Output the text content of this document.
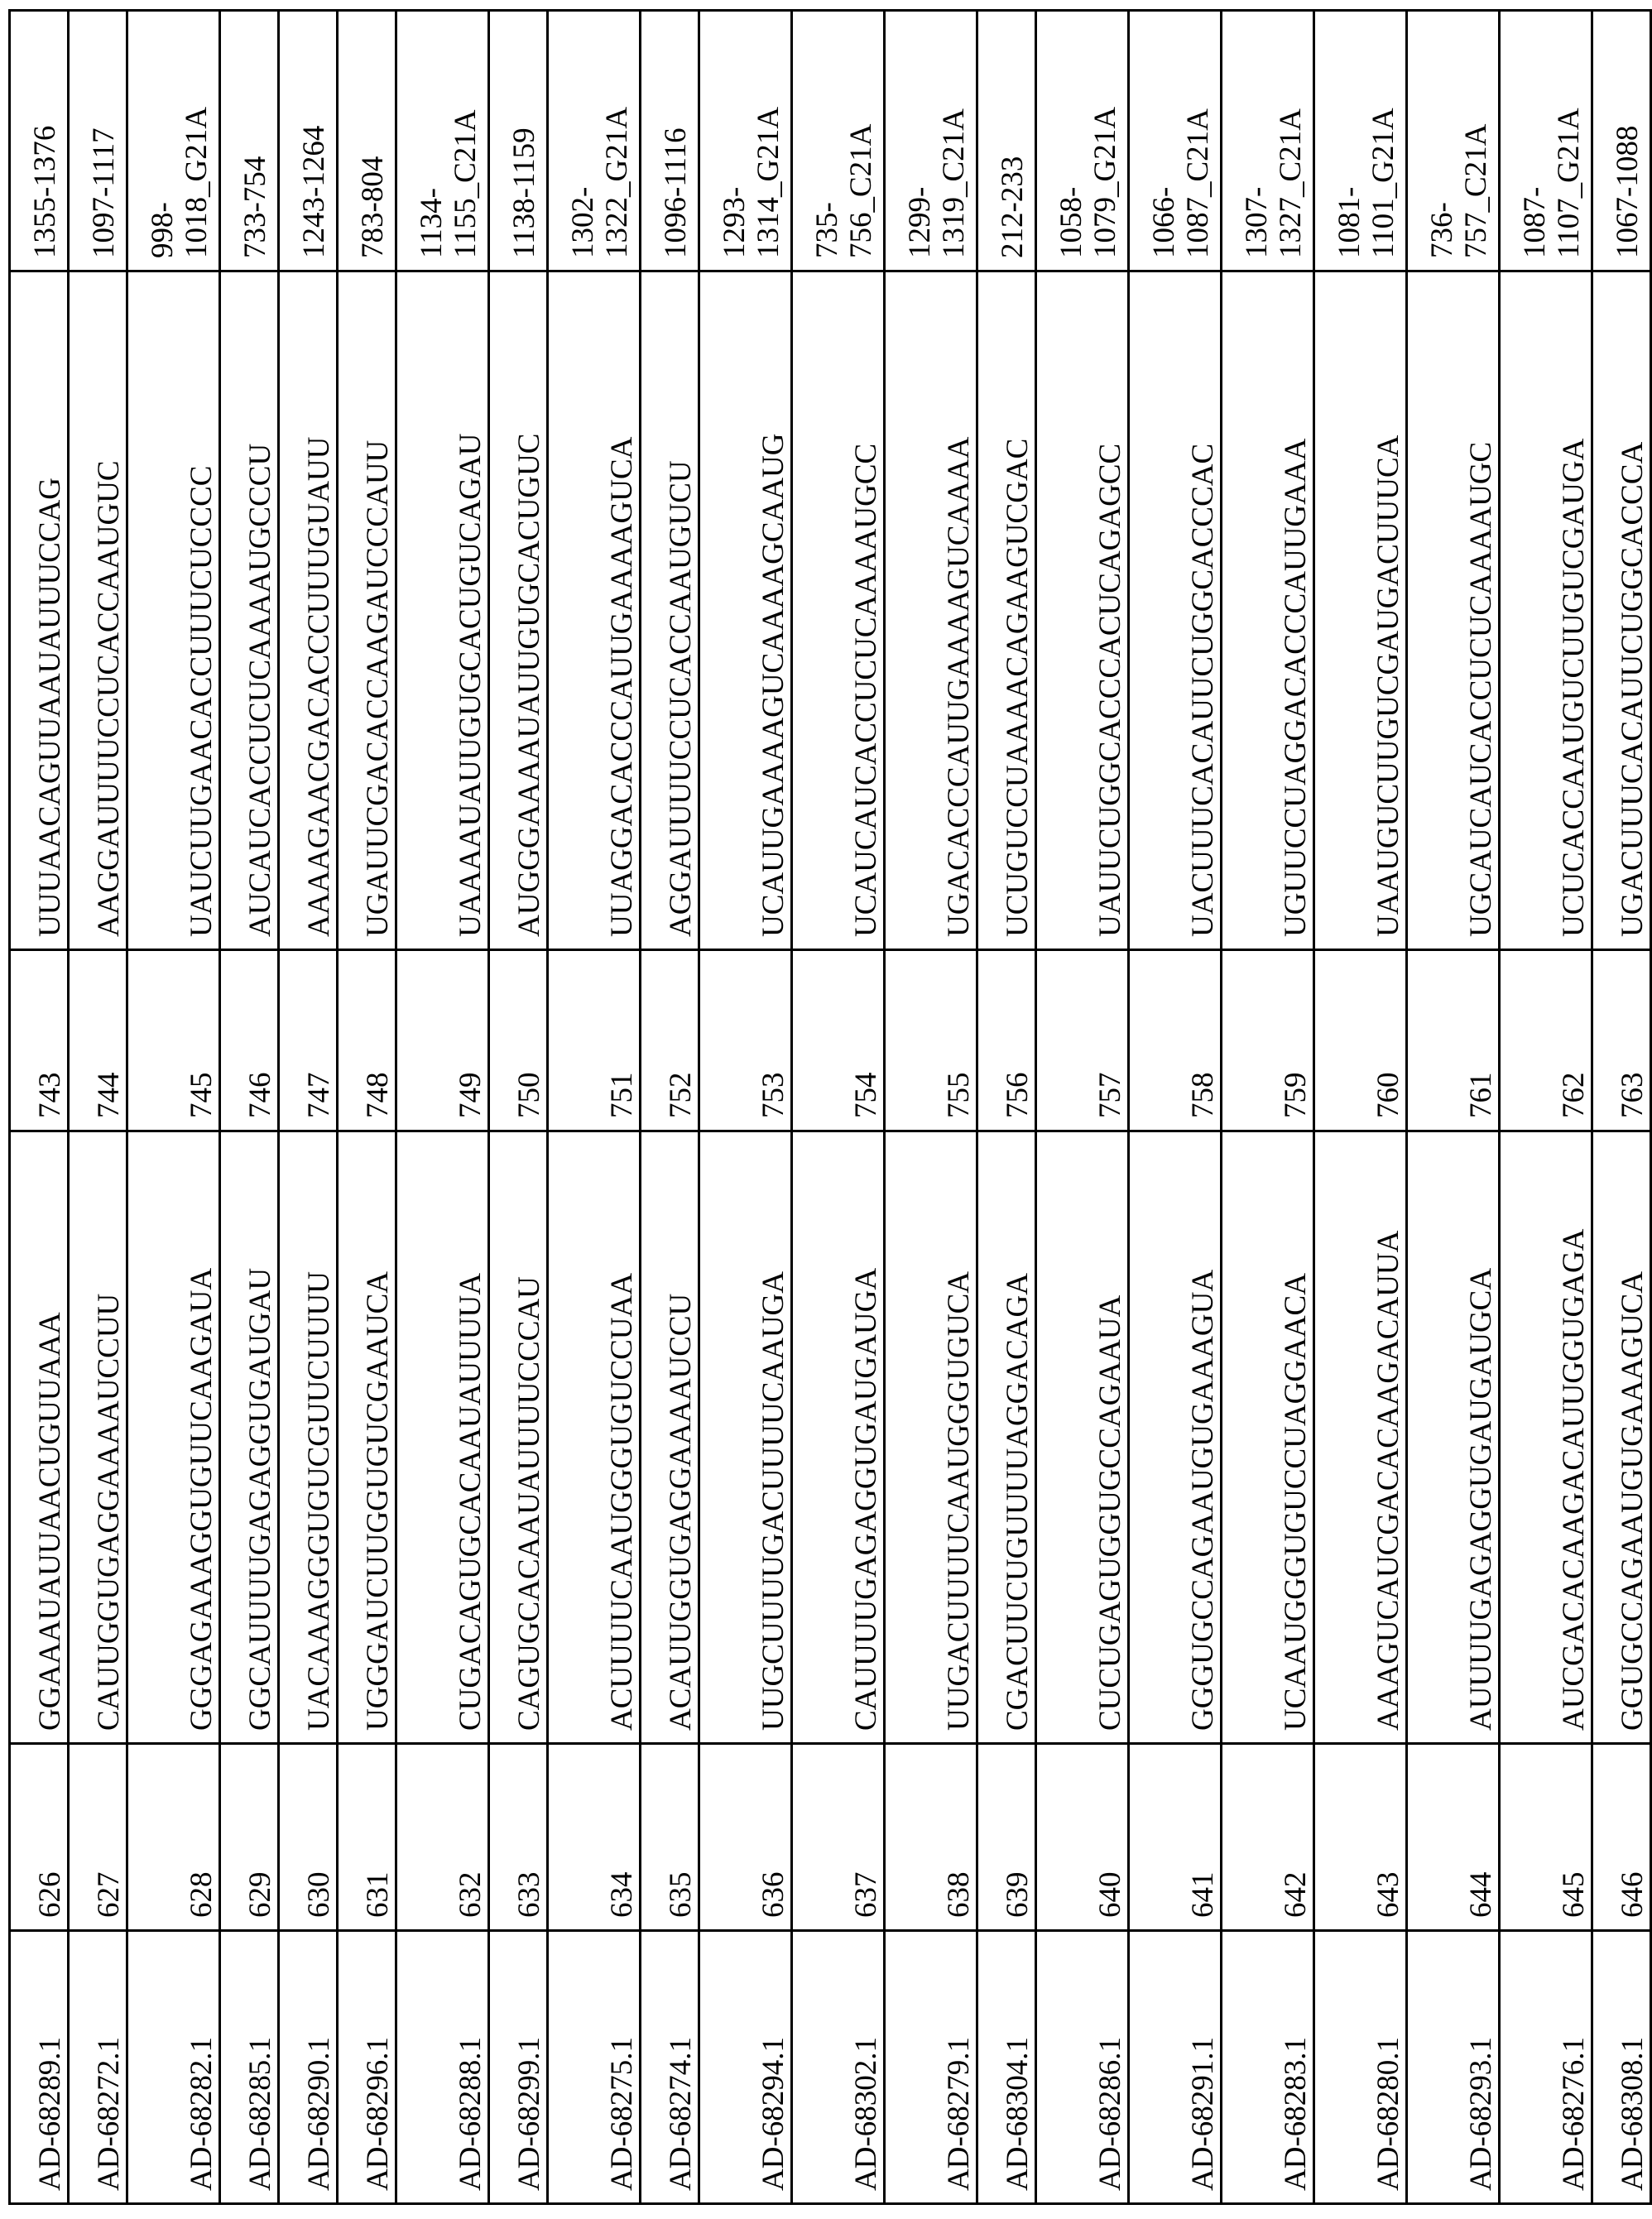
AD-68289.1	626	GGAAAUAUUAACUGUUAAA	743	UUUAACAGUUAAUAUUUCCAG	1355-1376

AD-68272.1	627	CAUUGGUGAGGAAAAUCCUU	744	AAGGAUUUUCCUCACCAAUGUC	1097-1117

AD-68282.1	628	GGGAGAAAGGUGUUCAAGAUA	745	UAUCUUGAACACCUUUCUCCCC	998- 1018_G21A

AD-68285.1	629	GGCAUUUUGAGAGGUGAUGAU	746	AUCAUCACCUCUCAAAAUGCCCU	733-754

AD-68290.1	630	UACAAAGGGUGUCGUUCUUUU	747	AAAAGAACGACACCCUUUGUAUU	1243-1264

AD-68296.1	631	UGGGAUCUUGGUGUCGAAUCA	748	UGAUUCGACACCAAGAUCCCAUU	783-804

AD-68288.1	632	CUGACAGUGCACAAUAUUUUA	749	UAAAAUAUUGUGCACUGUCAGAU	1134- 1155_C21A

AD-68299.1	633	CAGUGCACAAUAUUUUCCCAU	750	AUGGGAAAAUAUUGUGCACUGUC	1138-1159

AD-68275.1	634	ACUUUUCAAUGGGUGUCCUAA	751	UUAGGACACCCAUUGAAAAGUCA	1302- 1322_G21A

AD-68274.1	635	ACAUUGGUGAGGAAAAUCCU	752	AGGAUUUUCCUCACCAAUGUCU	1096-1116

AD-68294.1	636	UUGCUUUUGACUUUUCAAUGA	753	UCAUUGAAAAGUCAAAAGCAAUG	1293- 1314_G21A

AD-68302.1	637	CAUUUUGAGAGGUGAUGAUGA	754	UCAUCAUCACCUCUCAAAAUGCC	735- 756_C21A

AD-68279.1	638	UUGACUUUUCAAUGGGUGUCA	755	UGACACCCAUUGAAAAGUCAAAA	1299- 1319_C21A

AD-68304.1	639	CGACUUCUGUUUUAGGACAGA	756	UCUGUCCUAAAACAGAAGUCGAC	212-233

AD-68286.1	640	CUCUGAGUGGUGCCAGAAUA	757	UAUUCUGGCACCCACUCAGAGCC	1058- 1079_G21A

AD-68291.1	641	GGGUGCCAGAAUGUGAAAGUA	758	UACUUUCACAUUCUGGCACCCAC	1066- 1087_C21A

AD-68283.1	642	UCAAUGGGUGUCCUAGGAACA	759	UGUUCCUAGGACACCCAUUGAAA	1307- 1327_C21A

AD-68280.1	643	AAAGUCAUCGACACAAGACAUUA	760	UAAUGUCUUGUCGAUGACUUUCA	1081- 1101_G21A

AD-68293.1	644	AUUUUGAGAGGUGAUGAUGCA	761	UGCAUCAUCACCUCUCAAAAUGC	736- 757_C21A

AD-68276.1	645	AUCGACACAAGACAUUGGUGAGA	762	UCUCACCAAUGUCUUGUCGAUGA	1087- 1107_G21A

AD-68308.1	646	GGUGCCAGAAUGUGAAAGUCA	763	UGACUUUCACAUUCUGGCACCCA	1067-1088
